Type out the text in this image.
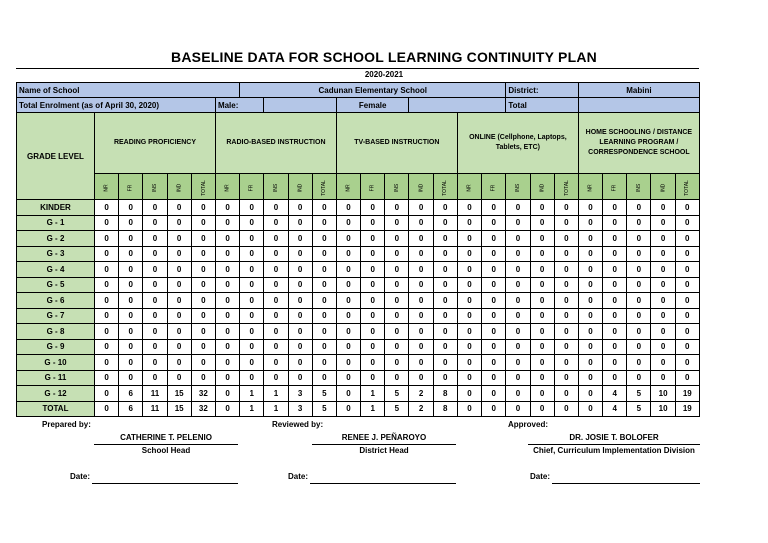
BASELINE DATA FOR SCHOOL LEARNING CONTINUITY PLAN
2020-2021
Name of School							Cadunan Elementary School											District:			Mabini				
Total Enrolment (as of April 30, 2020)						Male:					Female							Total							
GRADE LEVEL	READING PROFICIENCY					RADIO-BASED INSTRUCTION					TV-BASED INSTRUCTION					ONLINE (Cellphone, Laptops, Tablets, ETC)					HOME SCHOOLING / DISTANCE LEARNING PROGRAM / CORRESPONDENCE SCHOOL				
	NR	FR	INS	IND	TOTAL	NR	FR	INS	IND	TOTAL	NR	FR	INS	IND	TOTAL	NR	FR	INS	IND	TOTAL	NR	FR	INS	IND	TOTAL
KINDER	0	0	0	0	0	0	0	0	0	0	0	0	0	0	0	0	0	0	0	0	0	0	0	0	0
G - 1	0	0	0	0	0	0	0	0	0	0	0	0	0	0	0	0	0	0	0	0	0	0	0	0	0
G - 2	0	0	0	0	0	0	0	0	0	0	0	0	0	0	0	0	0	0	0	0	0	0	0	0	0
G - 3	0	0	0	0	0	0	0	0	0	0	0	0	0	0	0	0	0	0	0	0	0	0	0	0	0
G - 4	0	0	0	0	0	0	0	0	0	0	0	0	0	0	0	0	0	0	0	0	0	0	0	0	0
G - 5	0	0	0	0	0	0	0	0	0	0	0	0	0	0	0	0	0	0	0	0	0	0	0	0	0
G - 6	0	0	0	0	0	0	0	0	0	0	0	0	0	0	0	0	0	0	0	0	0	0	0	0	0
G - 7	0	0	0	0	0	0	0	0	0	0	0	0	0	0	0	0	0	0	0	0	0	0	0	0	0
G - 8	0	0	0	0	0	0	0	0	0	0	0	0	0	0	0	0	0	0	0	0	0	0	0	0	0
G - 9	0	0	0	0	0	0	0	0	0	0	0	0	0	0	0	0	0	0	0	0	0	0	0	0	0
G - 10	0	0	0	0	0	0	0	0	0	0	0	0	0	0	0	0	0	0	0	0	0	0	0	0	0
G - 11	0	0	0	0	0	0	0	0	0	0	0	0	0	0	0	0	0	0	0	0	0	0	0	0	0
G - 12	0	6	11	15	32	0	1	1	3	5	0	1	5	2	8	0	0	0	0	0	0	4	5	10	19
TOTAL	0	6	11	15	32	0	1	1	3	5	0	1	5	2	8	0	0	0	0	0	0	4	5	10	19
Prepared by:	Reviewed by:	Approved:
CATHERINE T. PELENIO
School Head
RENEE J. PEÑAROYO
District Head
DR. JOSIE T. BOLOFER
Chief, Curriculum Implementation Division
Date:	Date:	Date:
